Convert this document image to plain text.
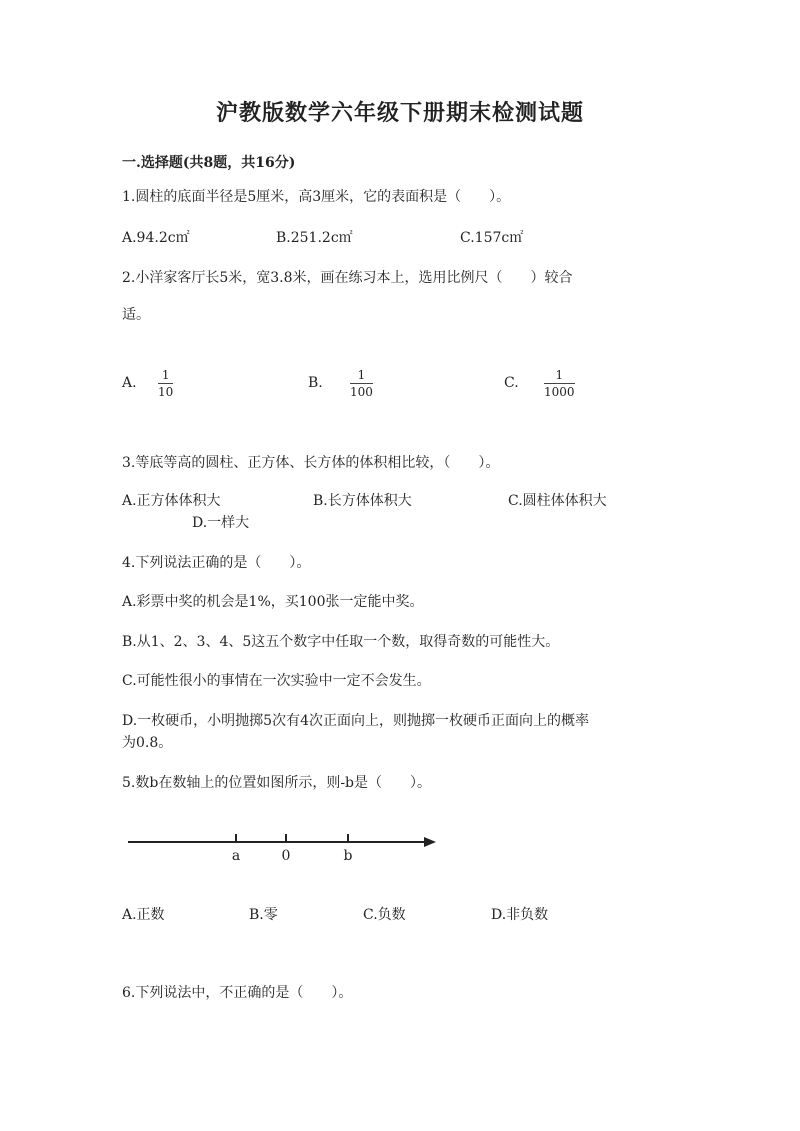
沪教版数学六年级下册期末检测试题
一.选择题(共8题，共16分)
1.圆柱的底面半径是5厘米，高3厘米，它的表面积是（　　）。
A.94.2c㎡	B.251.2c㎡	C.157c㎡
2.小洋家客厅长5米，宽3.8米，画在练习本上，选用比例尺（　　）较合
适。
A. 1
10
B.	1
100
C.	1
1000
3.等底等高的圆柱、正方体、长方体的体积相比较，（　　）。
A.正方体体积大	B.长方体体积大	C.圆柱体体积大
D.一样大
4.下列说法正确的是（　　）。
A.彩票中奖的机会是1%，买100张一定能中奖。
B.从1、2、3、4、5这五个数字中任取一个数，取得奇数的可能性大。
C.可能性很小的事情在一次实验中一定不会发生。
D.一枚硬币，小明抛掷5次有4次正面向上，则抛掷一枚硬币正面向上的概率
为0.8。
5.数b在数轴上的位置如图所示，则-b是（　　）。
a	0	b
A.正数	B.零	C.负数	D.非负数
6.下列说法中，不正确的是（　　）。
